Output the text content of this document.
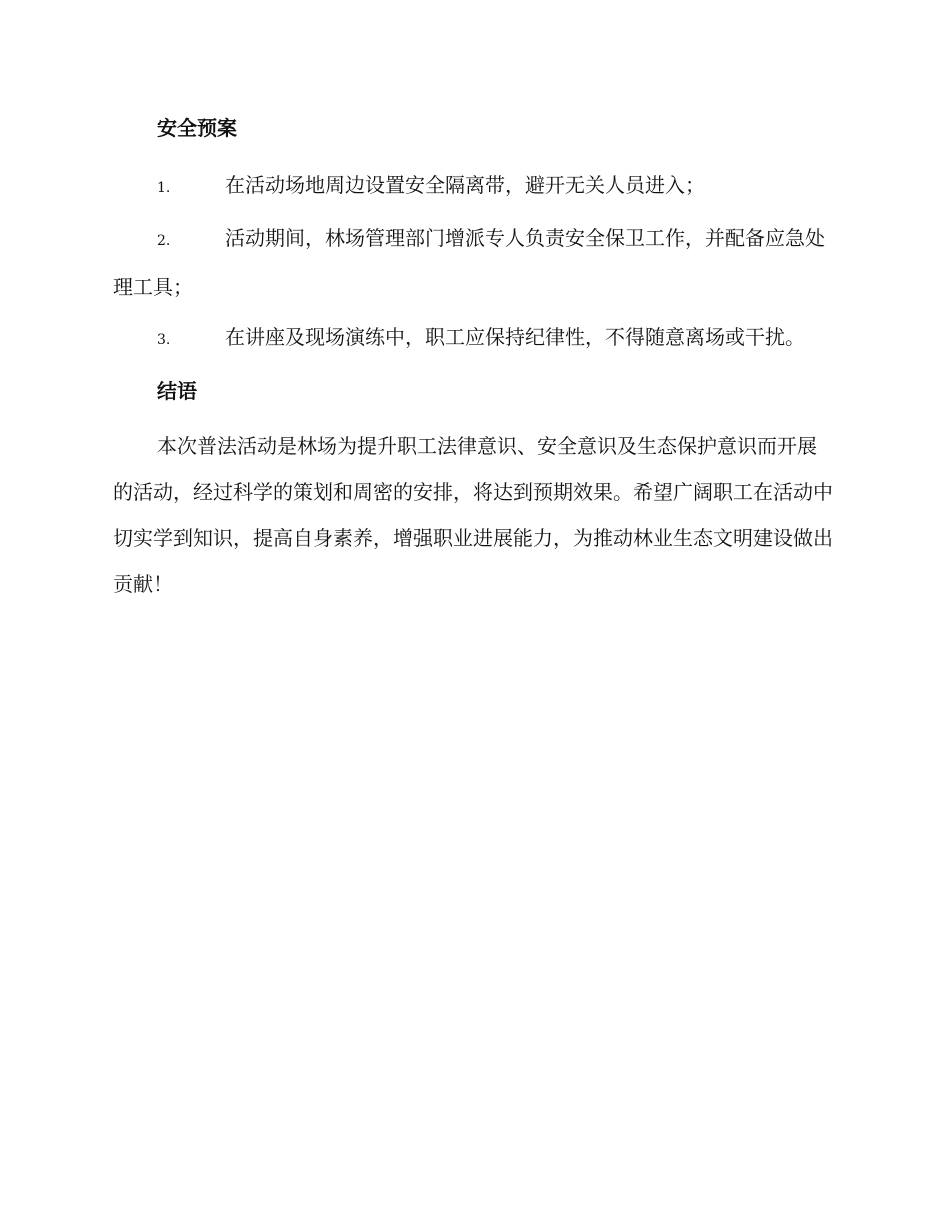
安全预案
1.	在活动场地周边设置安全隔离带，避开无关人员进入；
2.	活动期间，林场管理部门增派专人负责安全保卫工作，并配备应急处理工具；
3.	在讲座及现场演练中，职工应保持纪律性，不得随意离场或干扰。
结语

本次普法活动是林场为提升职工法律意识、安全意识及生态保护意识而开展的活动，经过科学的策划和周密的安排，将达到预期效果。希望广阔职工在活动中切实学到知识，提高自身素养，增强职业进展能力，为推动林业生态文明建设做出贡献！
